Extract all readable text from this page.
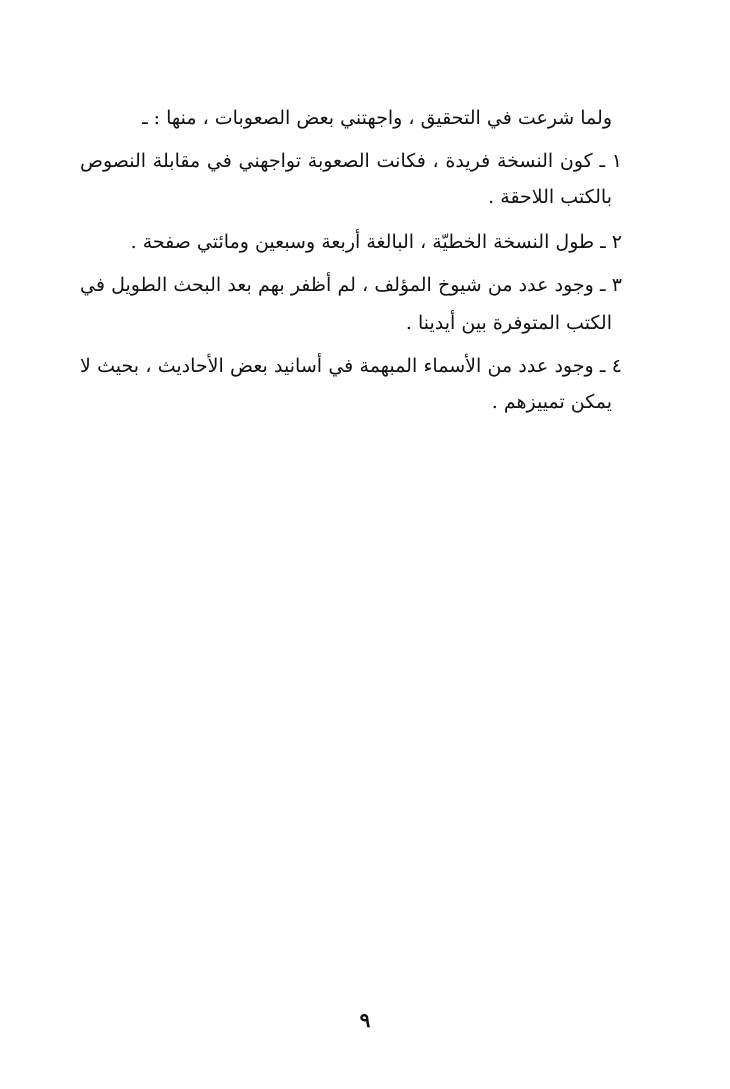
ولما شرعت في التحقيق ، واجهتني بعض الصعوبات ، منها : ـ
١ ـ كون النسخة فريدة ، فكانت الصعوبة تواجهني في مقابلة النصوص
بالكتب اللاحقة .
٢ ـ طول النسخة الخطيّة ، البالغة أربعة وسبعين ومائتي صفحة .
٣ ـ وجود عدد من شيوخ المؤلف ، لم أظفر بهم بعد البحث الطويل في
الكتب المتوفرة بين أيدينا .
٤ ـ وجود عدد من الأسماء المبهمة في أسانيد بعض الأحاديث ، بحيث لا
يمكن تمييزهم .
٩
